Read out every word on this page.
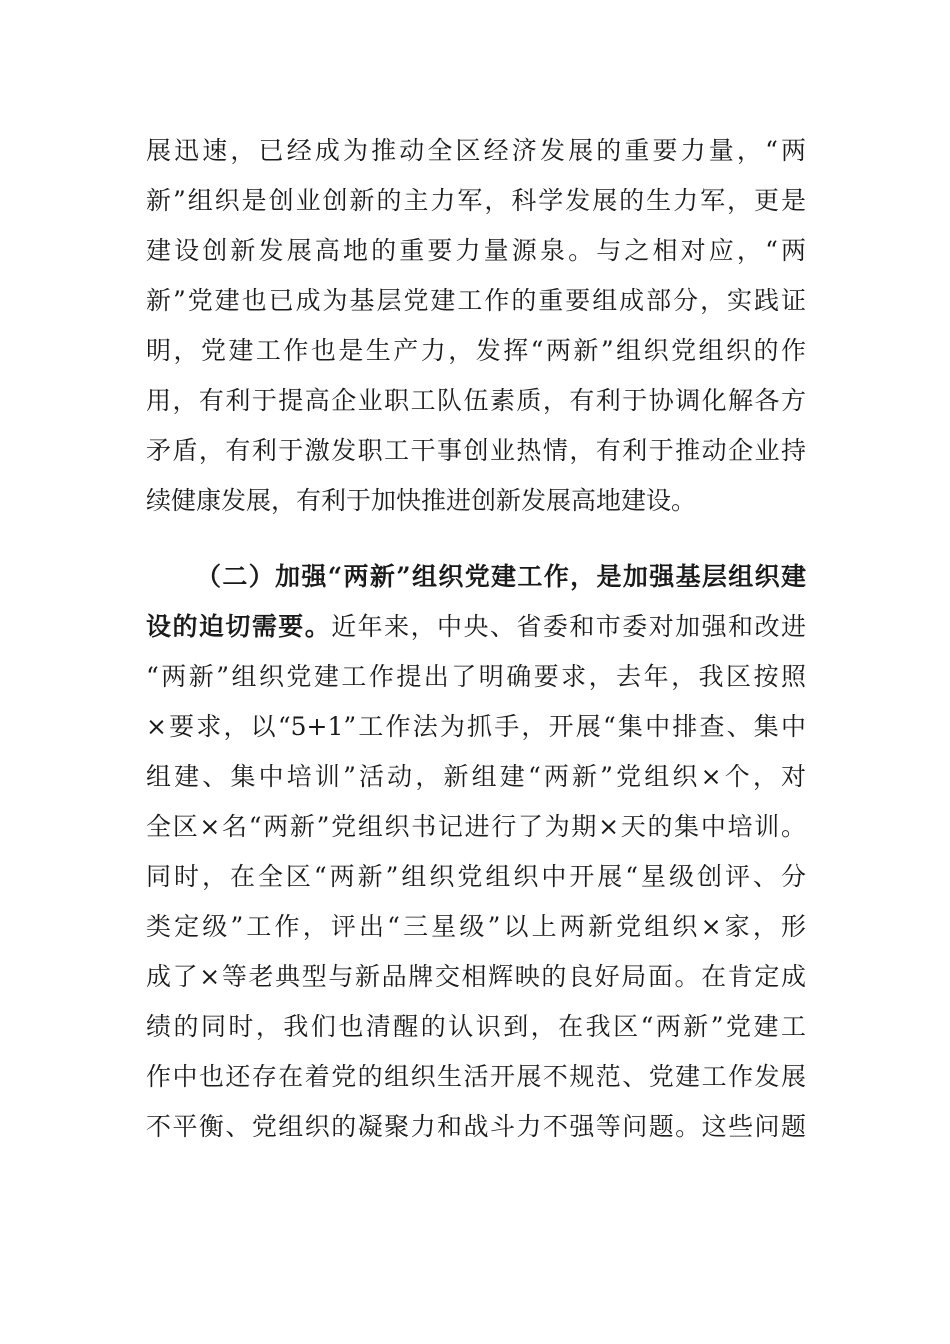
展迅速，已经成为推动全区经济发展的重要力量，“两
新”组织是创业创新的主力军，科学发展的生力军，更是
建设创新发展高地的重要力量源泉。与之相对应，“两
新”党建也已成为基层党建工作的重要组成部分，实践证
明，党建工作也是生产力，发挥“两新”组织党组织的作
用，有利于提高企业职工队伍素质，有利于协调化解各方
矛盾，有利于激发职工干事创业热情，有利于推动企业持
续健康发展，有利于加快推进创新发展高地建设。
（二）加强“两新”组织党建工作，是加强基层组织建
设的迫切需要。近年来，中央、省委和市委对加强和改进
“两新”组织党建工作提出了明确要求，去年，我区按照
×要求，以“5+1”工作法为抓手，开展“集中排查、集中
组建、集中培训”活动，新组建“两新”党组织×个，对
全区×名“两新”党组织书记进行了为期×天的集中培训。
同时，在全区“两新”组织党组织中开展“星级创评、分
类定级”工作，评出“三星级”以上两新党组织×家，形
成了×等老典型与新品牌交相辉映的良好局面。在肯定成
绩的同时，我们也清醒的认识到，在我区“两新”党建工
作中也还存在着党的组织生活开展不规范、党建工作发展
不平衡、党组织的凝聚力和战斗力不强等问题。这些问题
